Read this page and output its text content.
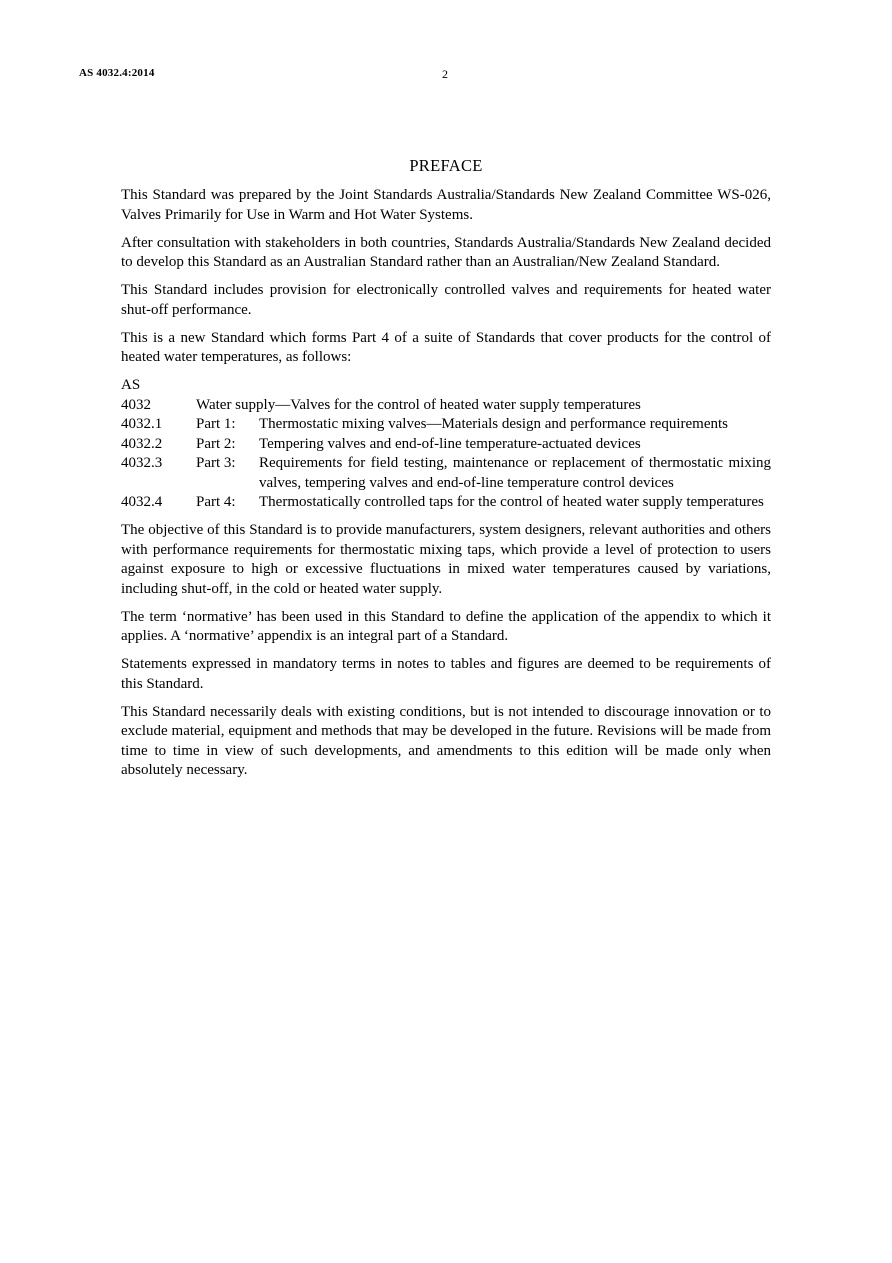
AS 4032.4:2014	2
PREFACE

This Standard was prepared by the Joint Standards Australia/Standards New Zealand Committee WS-026, Valves Primarily for Use in Warm and Hot Water Systems.

After consultation with stakeholders in both countries, Standards Australia/Standards New Zealand decided to develop this Standard as an Australian Standard rather than an Australian/New Zealand Standard.

This Standard includes provision for electronically controlled valves and requirements for heated water shut-off performance.

This is a new Standard which forms Part 4 of a suite of Standards that cover products for the control of heated water temperatures, as follows:

AS
4032	Water supply—Valves for the control of heated water supply temperatures
4032.1	Part 1:	Thermostatic mixing valves—Materials design and performance requirements
4032.2	Part 2:	Tempering valves and end-of-line temperature-actuated devices
4032.3	Part 3:	Requirements for field testing, maintenance or replacement of thermostatic mixing valves, tempering valves and end-of-line temperature control devices
4032.4	Part 4:	Thermostatically controlled taps for the control of heated water supply temperatures

The objective of this Standard is to provide manufacturers, system designers, relevant authorities and others with performance requirements for thermostatic mixing taps, which provide a level of protection to users against exposure to high or excessive fluctuations in mixed water temperatures caused by variations, including shut-off, in the cold or heated water supply.

The term ‘normative’ has been used in this Standard to define the application of the appendix to which it applies. A ‘normative’ appendix is an integral part of a Standard.

Statements expressed in mandatory terms in notes to tables and figures are deemed to be requirements of this Standard.

This Standard necessarily deals with existing conditions, but is not intended to discourage innovation or to exclude material, equipment and methods that may be developed in the future. Revisions will be made from time to time in view of such developments, and amendments to this edition will be made only when absolutely necessary.
